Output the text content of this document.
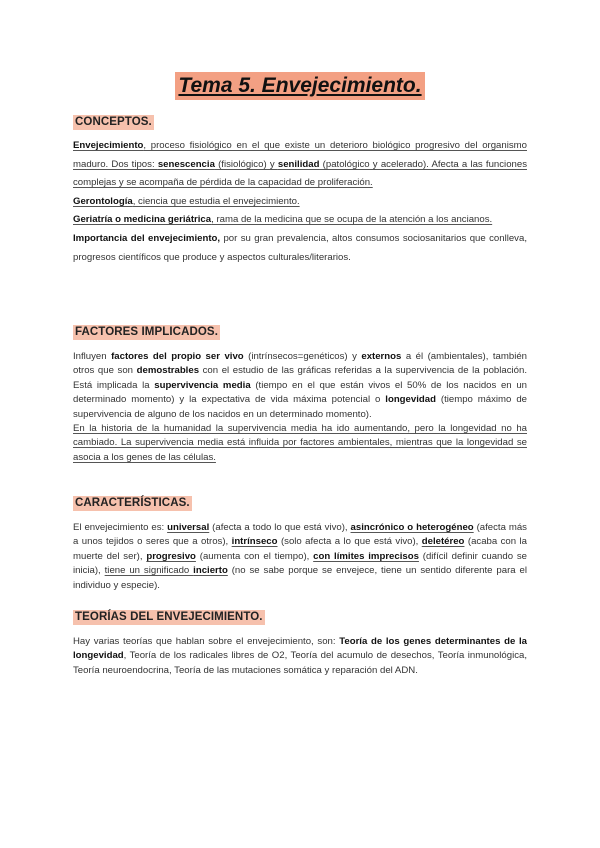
Tema 5. Envejecimiento.
CONCEPTOS.

Envejecimiento, proceso fisiológico en el que existe un deterioro biológico progresivo del organismo maduro. Dos tipos: senescencia (fisiológico) y senilidad (patológico y acelerado). Afecta a las funciones complejas y se acompaña de pérdida de la capacidad de proliferación.

Gerontología, ciencia que estudia el envejecimiento.

Geriatría o medicina geriátrica, rama de la medicina que se ocupa de la atención a los ancianos.

Importancia del envejecimiento, por su gran prevalencia, altos consumos sociosanitarios que conlleva, progresos científicos que produce y aspectos culturales/literarios.

FACTORES IMPLICADOS.

Influyen factores del propio ser vivo (intrínsecos=genéticos) y externos a él (ambientales), también otros que son demostrables con el estudio de las gráficas referidas a la supervivencia de la población. Está implicada la supervivencia media (tiempo en el que están vivos el 50% de los nacidos en un determinado momento) y la expectativa de vida máxima potencial o longevidad (tiempo máximo de supervivencia de alguno de los nacidos en un determinado momento).

En la historia de la humanidad la supervivencia media ha ido aumentando, pero la longevidad no ha cambiado. La supervivencia media está influida por factores ambientales, mientras que la longevidad se asocia a los genes de las células.

CARACTERÍSTICAS.

El envejecimiento es: universal (afecta a todo lo que está vivo), asincrónico o heterogéneo (afecta más a unos tejidos o seres que a otros), intrínseco (solo afecta a lo que está vivo), deletéreo (acaba con la muerte del ser), progresivo (aumenta con el tiempo), con límites imprecisos (difícil definir cuando se inicia), tiene un significado incierto (no se sabe porque se envejece, tiene un sentido diferente para el individuo y especie).

TEORÍAS DEL ENVEJECIMIENTO.

Hay varias teorías que hablan sobre el envejecimiento, son: Teoría de los genes determinantes de la longevidad, Teoría de los radicales libres de O2, Teoría del acumulo de desechos, Teoría inmunológica, Teoría neuroendocrina, Teoría de las mutaciones somática y reparación del ADN.
